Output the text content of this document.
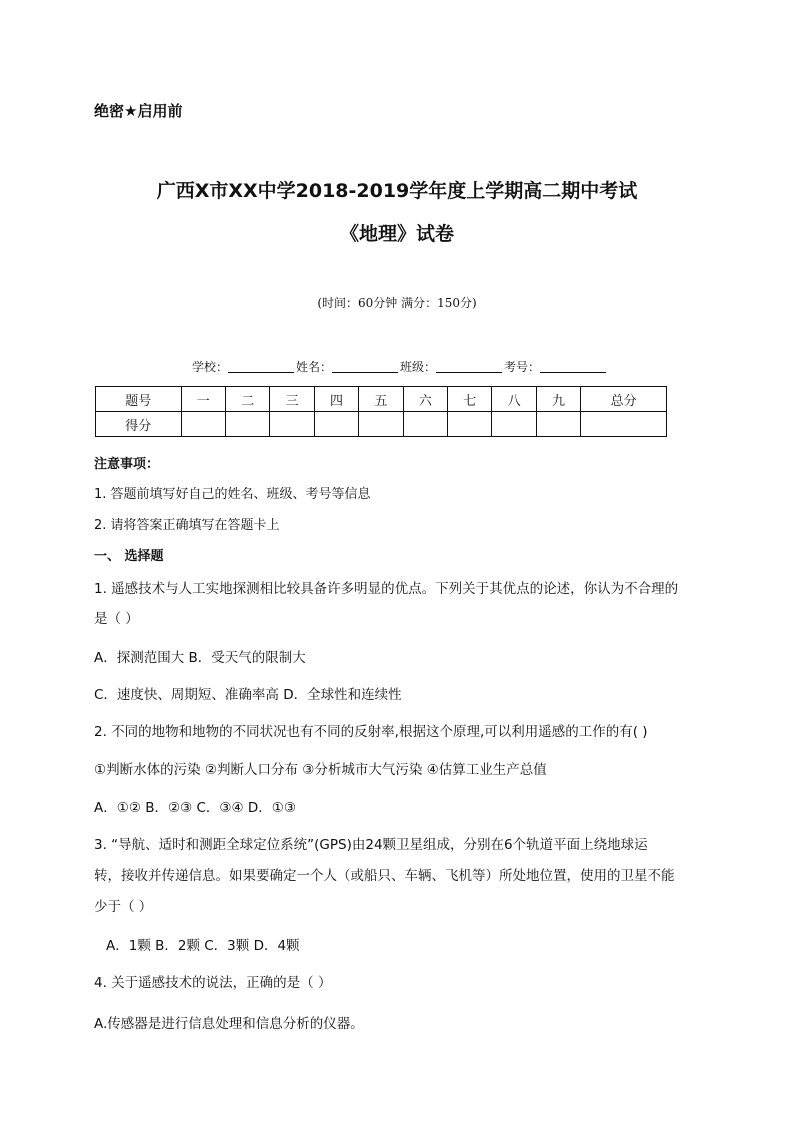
绝密★启用前
广西X市XX中学2018-2019学年度上学期高二期中考试
《地理》试卷
(时间：60分钟 满分：150分)
学校：	姓名：	班级：	考号：
题号	一	二	三	四	五	六	七	八	九	总分
得分										
注意事项：
1. 答题前填写好自己的姓名、班级、考号等信息
2. 请将答案正确填写在答题卡上
一、 选择题
1. 遥感技术与人工实地探测相比较具备许多明显的优点。下列关于其优点的论述，你认为不合理的
是（ ）
A．探测范围大 B．受天气的限制大
C．速度快、周期短、准确率高 D．全球性和连续性
2. 不同的地物和地物的不同状况也有不同的反射率,根据这个原理,可以利用遥感的工作的有( )
①判断水体的污染 ②判断人口分布 ③分析城市大气污染 ④估算工业生产总值
A．①② B．②③ C．③④ D．①③
3. “导航、适时和测距全球定位系统”(GPS)由24颗卫星组成，分别在6个轨道平面上绕地球运
转，接收并传递信息。如果要确定一个人（或船只、车辆、飞机等）所处地位置，使用的卫星不能
少于（ ）
A．1颗 B．2颗 C．3颗 D．4颗
4. 关于遥感技术的说法，正确的是（ ）
A.传感器是进行信息处理和信息分析的仪器。
